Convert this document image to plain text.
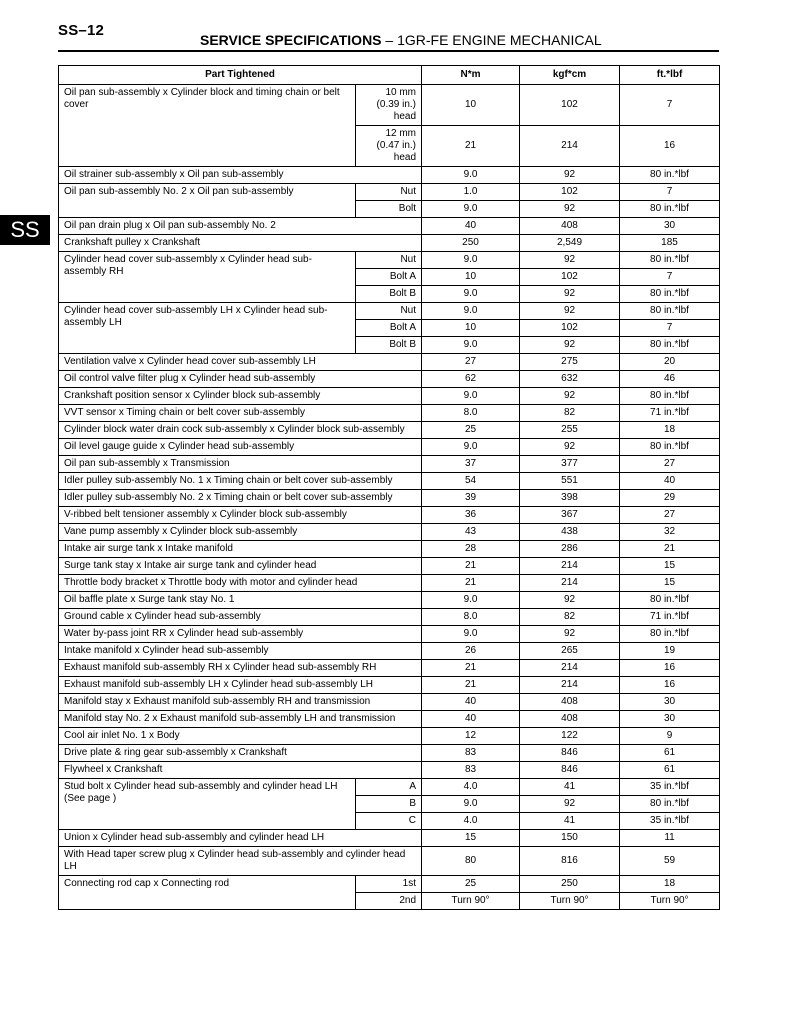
SS–12
SERVICE SPECIFICATIONS – 1GR-FE ENGINE MECHANICAL
SS
Part Tightened		N*m	kgf*cm	ft.*lbf
Oil pan sub-assembly x Cylinder block and timing chain or belt cover	10 mm (0.39 in.) head	10	102	7
	12 mm (0.47 in.) head	21	214	16
Oil strainer sub-assembly x Oil pan sub-assembly		9.0	92	80 in.*lbf
Oil pan sub-assembly No. 2 x Oil pan sub-assembly	Nut	1.0	102	7
	Bolt	9.0	92	80 in.*lbf
Oil pan drain plug x Oil pan sub-assembly No. 2		40	408	30
Crankshaft pulley x Crankshaft		250	2,549	185
Cylinder head cover sub-assembly x Cylinder head sub-assembly RH	Nut	9.0	92	80 in.*lbf
	Bolt A	10	102	7
	Bolt B	9.0	92	80 in.*lbf
Cylinder head cover sub-assembly LH x Cylinder head sub-assembly LH	Nut	9.0	92	80 in.*lbf
	Bolt A	10	102	7
	Bolt B	9.0	92	80 in.*lbf
Ventilation valve x Cylinder head cover sub-assembly LH		27	275	20
Oil control valve filter plug x Cylinder head sub-assembly		62	632	46
Crankshaft position sensor x Cylinder block sub-assembly		9.0	92	80 in.*lbf
VVT sensor x Timing chain or belt cover sub-assembly		8.0	82	71 in.*lbf
Cylinder block water drain cock sub-assembly x Cylinder block sub-assembly		25	255	18
Oil level gauge guide x Cylinder head sub-assembly		9.0	92	80 in.*lbf
Oil pan sub-assembly x Transmission		37	377	27
Idler pulley sub-assembly No. 1 x Timing chain or belt cover sub-assembly		54	551	40
Idler pulley sub-assembly No. 2 x Timing chain or belt cover sub-assembly		39	398	29
V-ribbed belt tensioner assembly x Cylinder block sub-assembly		36	367	27
Vane pump assembly x Cylinder block sub-assembly		43	438	32
Intake air surge tank x Intake manifold		28	286	21
Surge tank stay x Intake air surge tank and cylinder head		21	214	15
Throttle body bracket x Throttle body with motor and cylinder head		21	214	15
Oil baffle plate x Surge tank stay No. 1		9.0	92	80 in.*lbf
Ground cable x Cylinder head sub-assembly		8.0	82	71 in.*lbf
Water by-pass joint RR x Cylinder head sub-assembly		9.0	92	80 in.*lbf
Intake manifold x Cylinder head sub-assembly		26	265	19
Exhaust manifold sub-assembly RH x Cylinder head sub-assembly RH		21	214	16
Exhaust manifold sub-assembly LH x Cylinder head sub-assembly LH		21	214	16
Manifold stay x Exhaust manifold sub-assembly RH and transmission		40	408	30
Manifold stay No. 2 x Exhaust manifold sub-assembly LH and transmission		40	408	30
Cool air inlet No. 1 x Body		12	122	9
Drive plate & ring gear sub-assembly x Crankshaft		83	846	61
Flywheel x Crankshaft		83	846	61
Stud bolt x Cylinder head sub-assembly and cylinder head LH (See page )	A	4.0	41	35 in.*lbf
	B	9.0	92	80 in.*lbf
	C	4.0	41	35 in.*lbf
Union x Cylinder head sub-assembly and cylinder head LH		15	150	11
With Head taper screw plug x Cylinder head sub-assembly and cylinder head LH		80	816	59
Connecting rod cap x Connecting rod	1st	25	250	18
	2nd	Turn 90°	Turn 90°	Turn 90°
